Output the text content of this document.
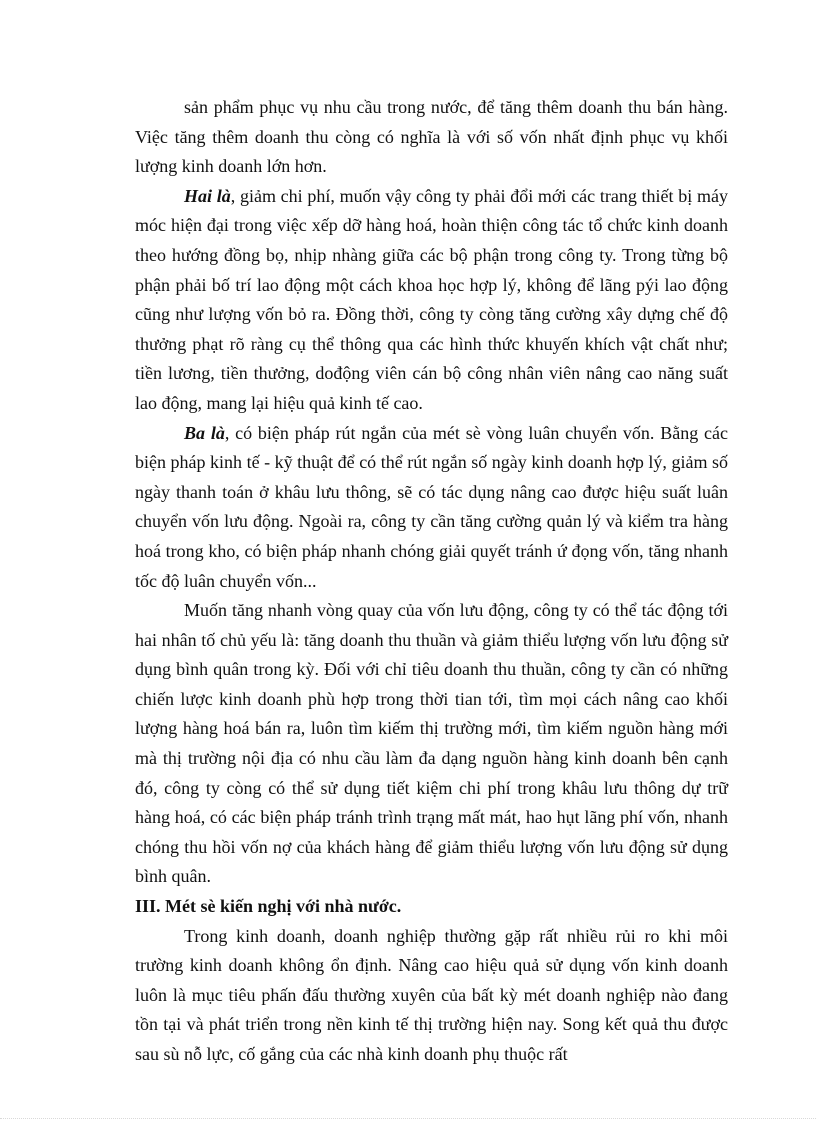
sản phẩm phục vụ nhu cầu trong nước, để tăng thêm doanh thu bán hàng. Việc tăng thêm doanh thu còng có nghĩa là với số vốn nhất định phục vụ khối lượng kinh doanh lớn hơn.

Hai là, giảm chi phí, muốn vậy công ty phải đổi mới các trang thiết bị máy móc hiện đại trong việc xếp dỡ hàng hoá, hoàn thiện công tác tổ chức kinh doanh theo hướng đồng bọ, nhịp nhàng giữa các bộ phận trong công ty. Trong từng bộ phận phải bố trí lao động một cách khoa học hợp lý, không để lãng pýi lao động cũng như lượng vốn bỏ ra. Đồng thời, công ty còng tăng cường xây dựng chế độ thưởng phạt rõ ràng cụ thể thông qua các hình thức khuyến khích vật chất như; tiền lương, tiền thưởng, dođộng viên cán bộ công nhân viên nâng cao năng suất lao động, mang lại hiệu quả kinh tế cao.

Ba là, có biện pháp rút ngắn của mét sè vòng luân chuyển vốn. Bằng các biện pháp kinh tế - kỹ thuật để có thể rút ngắn số ngày kinh doanh hợp lý, giảm số ngày thanh toán ở khâu lưu thông, sẽ có tác dụng nâng cao được hiệu suất luân chuyển vốn lưu động. Ngoài ra, công ty cần tăng cường quản lý và kiểm tra hàng hoá trong kho, có biện pháp nhanh chóng giải quyết tránh ứ đọng vốn, tăng nhanh tốc độ luân chuyển vốn...

Muốn tăng nhanh vòng quay của vốn lưu động, công ty có thể tác động tới hai nhân tố chủ yếu là: tăng doanh thu thuần và giảm thiểu lượng vốn lưu động sử dụng bình quân trong kỳ. Đối với chỉ tiêu doanh thu thuần, công ty cần có những chiến lược kinh doanh phù hợp trong thời tian tới, tìm mọi cách nâng cao khối lượng hàng hoá bán ra, luôn tìm kiếm thị trường mới, tìm kiếm nguồn hàng mới mà thị trường nội địa có nhu cầu làm đa dạng nguồn hàng kinh doanh bên cạnh đó, công ty còng có thể sử dụng tiết kiệm chi phí trong khâu lưu thông dự trữ hàng hoá, có các biện pháp tránh trình trạng mất mát, hao hụt lãng phí vốn, nhanh chóng thu hồi vốn nợ của khách hàng để giảm thiểu lượng vốn lưu động sử dụng bình quân.

III. Mét sè kiến nghị với nhà nước.

Trong kinh doanh, doanh nghiệp thường gặp rất nhiều rủi ro khi môi trường kinh doanh không ổn định. Nâng cao hiệu quả sử dụng vốn kinh doanh luôn là mục tiêu phấn đấu thường xuyên của bất kỳ mét doanh nghiệp nào đang tồn tại và phát triển trong nền kinh tế thị trường hiện nay. Song kết quả thu được sau sù nỗ lực, cố gắng của các nhà kinh doanh phụ thuộc rất
